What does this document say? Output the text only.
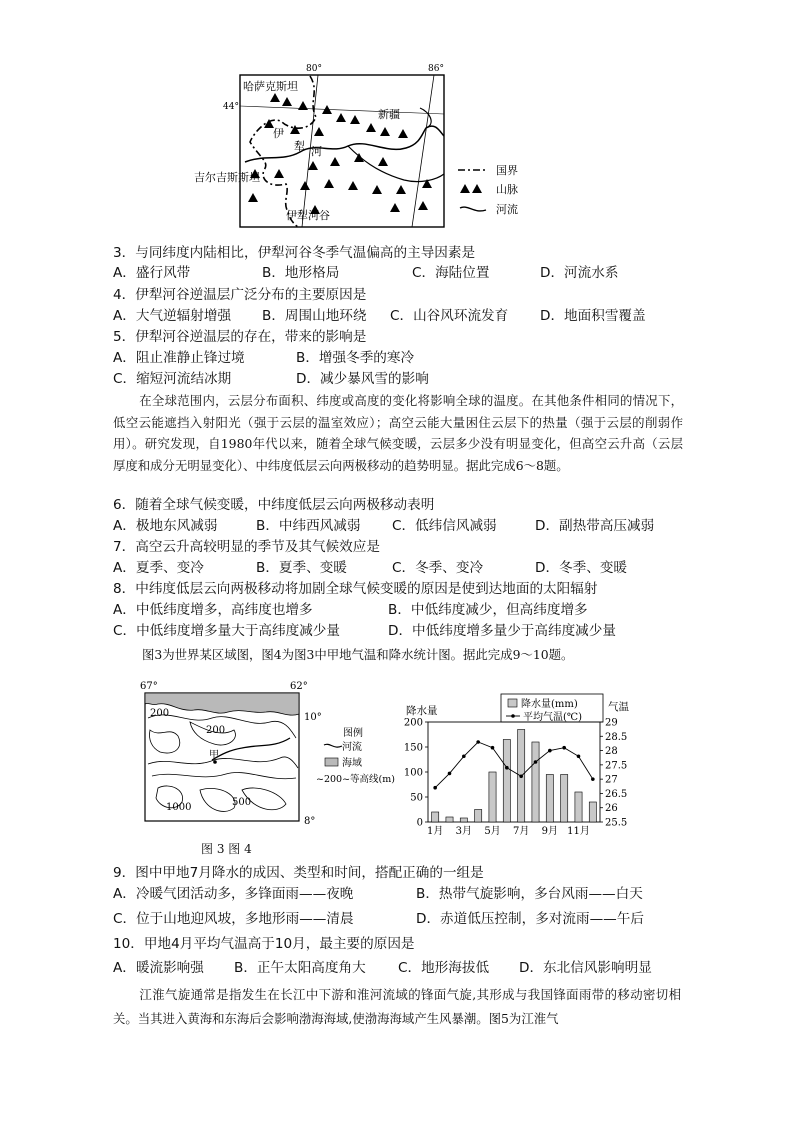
80°	86°
44°
哈萨克斯坦
新疆
吉尔吉斯斯坦
伊犁河谷
伊
犁 河
国界
山脉
河流
3．与同纬度内陆相比，伊犁河谷冬季气温偏高的主导因素是
A．盛行风带	B．地形格局	C．海陆位置	D．河流水系
4．伊犁河谷逆温层广泛分布的主要原因是
A．大气逆辐射增强 B．周围山地环绕 C．山谷风环流发育 D．地面积雪覆盖
5．伊犁河谷逆温层的存在，带来的影响是
A．阻止准静止锋过境	B．增强冬季的寒冷
C．缩短河流结冰期	D．减少暴风雪的影响
在全球范围内，云层分布面积、纬度或高度的变化将影响全球的温度。在其他条件相同的情况下，低空云能遮挡入射阳光（强于云层的温室效应）；高空云能大量困住云层下的热量（强于云层的削弱作用）。研究发现，自1980年代以来，随着全球气候变暖，云层多少没有明显变化，但高空云升高（云层厚度和成分无明显变化）、中纬度低层云向两极移动的趋势明显。据此完成6～8题。
6．随着全球气候变暖，中纬度低层云向两极移动表明
A．极地东风减弱	B．中纬西风减弱 C．低纬信风减弱	D．副热带高压减弱
7．高空云升高较明显的季节及其气候效应是
A．夏季、变冷	B．夏季、变暖	C．冬季、变冷	D．冬季、变暖
8．中纬度低层云向两极移动将加剧全球气候变暖的原因是使到达地面的太阳辐射
A．中低纬度增多，高纬度也增多	B．中低纬度减少，但高纬度增多
C．中低纬度增多量大于高纬度减少量	D．中低纬度增多量少于高纬度减少量
图3为世界某区域图，图4为图3中甲地气温和降水统计图。据此完成9～10题。
67°	62°
10°
8°
200
200
500
1000
甲
图例
河流
海域
~200~等高线(m)
降水量	气温
降水量(mm)
平均气温(℃)
0
50
100
150
200
25.5
26
26.5
27
27.5
28
28.5
29
1月 3月 5月 7月 9月 11月
图 3 图 4
9．图中甲地7月降水的成因、类型和时间，搭配正确的一组是
A．冷暖气团活动多，多锋面雨——夜晚	B．热带气旋影响，多台风雨——白天
C．位于山地迎风坡，多地形雨——清晨	D．赤道低压控制，多对流雨——午后
10．甲地4月平均气温高于10月，最主要的原因是
A．暖流影响强 B．正午太阳高度角大 C．地形海拔低 D．东北信风影响明显
江淮气旋通常是指发生在长江中下游和淮河流域的锋面气旋,其形成与我国锋面雨带的移动密切相关。当其进入黄海和东海后会影响渤海海域,使渤海海域产生风暴潮。图5为江淮气
